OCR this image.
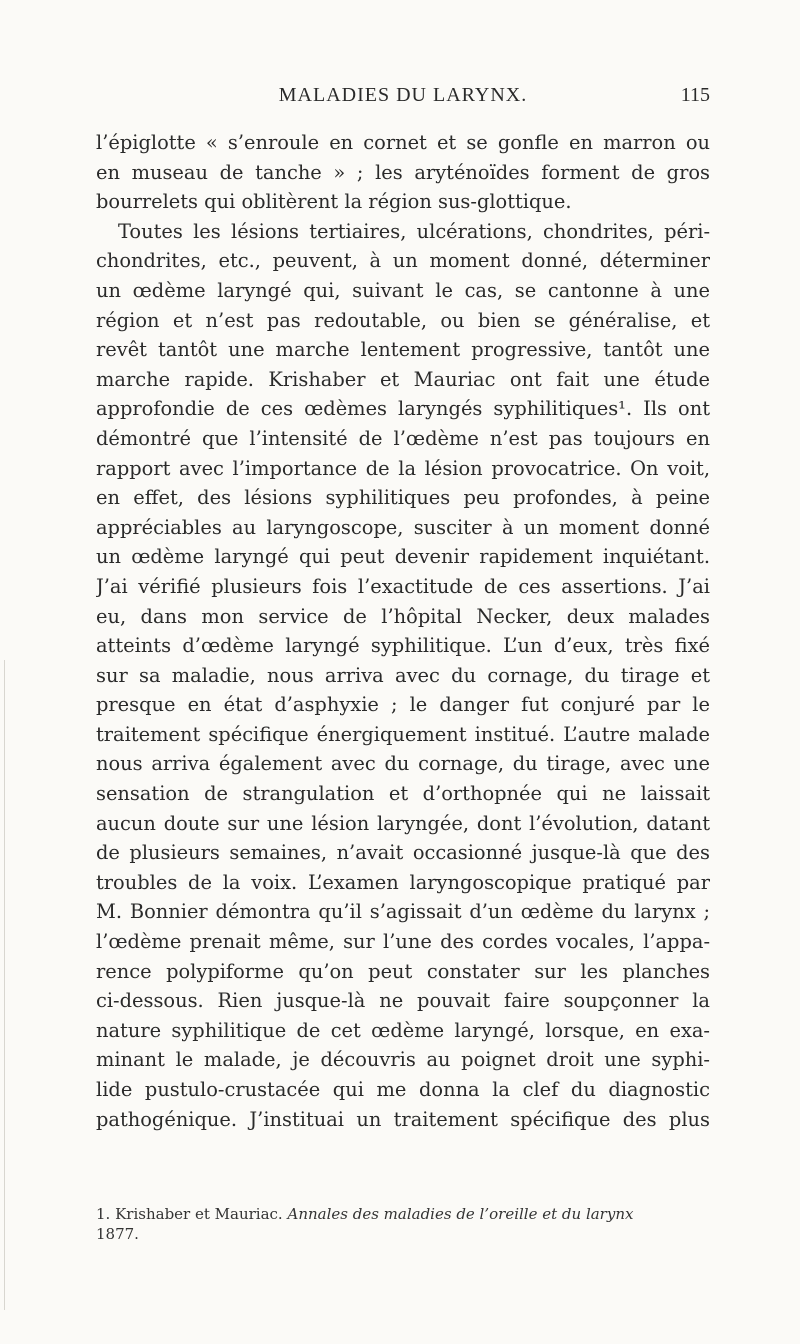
MALADIES DU LARYNX.	115
l’épiglotte « s’enroule en cornet et se gonfle en marron ou
en museau de tanche » ; les aryténoïdes forment de gros
bourrelets qui oblitèrent la région sus-glottique.
Toutes les lésions tertiaires, ulcérations, chondrites, péri-
chondrites, etc., peuvent, à un moment donné, déterminer
un œdème laryngé qui, suivant le cas, se cantonne à une
région et n’est pas redoutable, ou bien se généralise, et
revêt tantôt une marche lentement progressive, tantôt une
marche rapide. Krishaber et Mauriac ont fait une étude
approfondie de ces œdèmes laryngés syphilitiques¹. Ils ont
démontré que l’intensité de l’œdème n’est pas toujours en
rapport avec l’importance de la lésion provocatrice. On voit,
en effet, des lésions syphilitiques peu profondes, à peine
appréciables au laryngoscope, susciter à un moment donné
un œdème laryngé qui peut devenir rapidement inquiétant.
J’ai vérifié plusieurs fois l’exactitude de ces assertions. J’ai
eu, dans mon service de l’hôpital Necker, deux malades
atteints d’œdème laryngé syphilitique. L’un d’eux, très fixé
sur sa maladie, nous arriva avec du cornage, du tirage et
presque en état d’asphyxie ; le danger fut conjuré par le
traitement spécifique énergiquement institué. L’autre malade
nous arriva également avec du cornage, du tirage, avec une
sensation de strangulation et d’orthopnée qui ne laissait
aucun doute sur une lésion laryngée, dont l’évolution, datant
de plusieurs semaines, n’avait occasionné jusque-là que des
troubles de la voix. L’examen laryngoscopique pratiqué par
M. Bonnier démontra qu’il s’agissait d’un œdème du larynx ;
l’œdème prenait même, sur l’une des cordes vocales, l’appa-
rence polypiforme qu’on peut constater sur les planches
ci-dessous. Rien jusque-là ne pouvait faire soupçonner la
nature syphilitique de cet œdème laryngé, lorsque, en exa-
minant le malade, je découvris au poignet droit une syphi-
lide pustulo-crustacée qui me donna la clef du diagnostic
pathogénique. J’instituai un traitement spécifique des plus
1. Krishaber et Mauriac. Annales des maladies de l’oreille et du larynx
1877.
